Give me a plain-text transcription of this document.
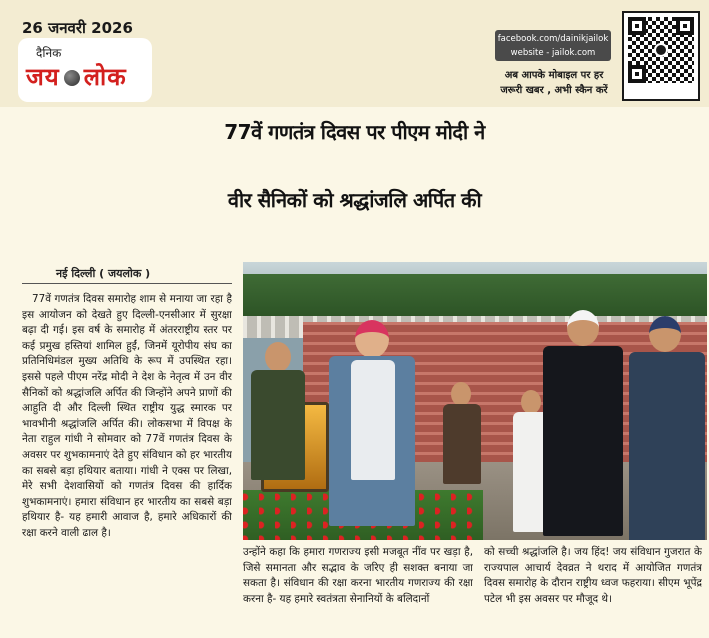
26 जनवरी 2026
दैनिक
जय लोक
facebook.com/dainikjailok
website - jailok.com
अब आपके मोबाइल पर हर
जरूरी खबर , अभी स्कैन करें
77वें गणतंत्र दिवस पर पीएम मोदी ने
वीर सैनिकों को श्रद्धांजलि अर्पित की
नई दिल्ली ( जयलोक )
77वें गणतंत्र दिवस समारोह शाम से मनाया जा रहा है इस आयोजन को देखते हुए दिल्ली-एनसीआर में सुरक्षा बढ़ा दी गई। इस वर्ष के समारोह में अंतरराष्ट्रीय स्तर पर कई प्रमुख हस्तियां शामिल हुईं, जिनमें यूरोपीय संघ का प्रतिनिधिमंडल मुख्य अतिथि के रूप में उपस्थित रहा। इससे पहले पीएम नरेंद्र मोदी ने देश के नेतृत्व में उन वीर सैनिकों को श्रद्धांजलि अर्पित की जिन्होंने अपने प्राणों की आहुति दी और दिल्ली स्थित राष्ट्रीय युद्ध स्मारक पर भावभीनी श्रद्धांजलि अर्पित की। लोकसभा में विपक्ष के नेता राहुल गांधी ने सोमवार को 77वें गणतंत्र दिवस के अवसर पर शुभकामनाएं देते हुए संविधान को हर भारतीय का सबसे बड़ा हथियार बताया। गांधी ने एक्स पर लिखा, मेरे सभी देशवासियों को गणतंत्र दिवस की हार्दिक शुभकामनाएं। हमारा संविधान हर भारतीय का सबसे बड़ा हथियार है- यह हमारी आवाज है, हमारे अधिकारों की रक्षा करने वाली ढाल है।
उन्होंने कहा कि हमारा गणराज्य इसी मजबूत नींव पर खड़ा है, जिसे समानता और सद्भाव के जरिए ही सशक्त बनाया जा सकता है। संविधान की रक्षा करना भारतीय गणराज्य की रक्षा करना है- यह हमारे स्वतंत्रता सेनानियों के बलिदानों
को सच्ची श्रद्धांजलि है। जय हिंद! जय संविधान गुजरात के राज्यपाल आचार्य देवव्रत ने थराद में आयोजित गणतंत्र दिवस समारोह के दौरान राष्ट्रीय ध्वज फहराया। सीएम भूपेंद्र पटेल भी इस अवसर पर मौजूद थे।
